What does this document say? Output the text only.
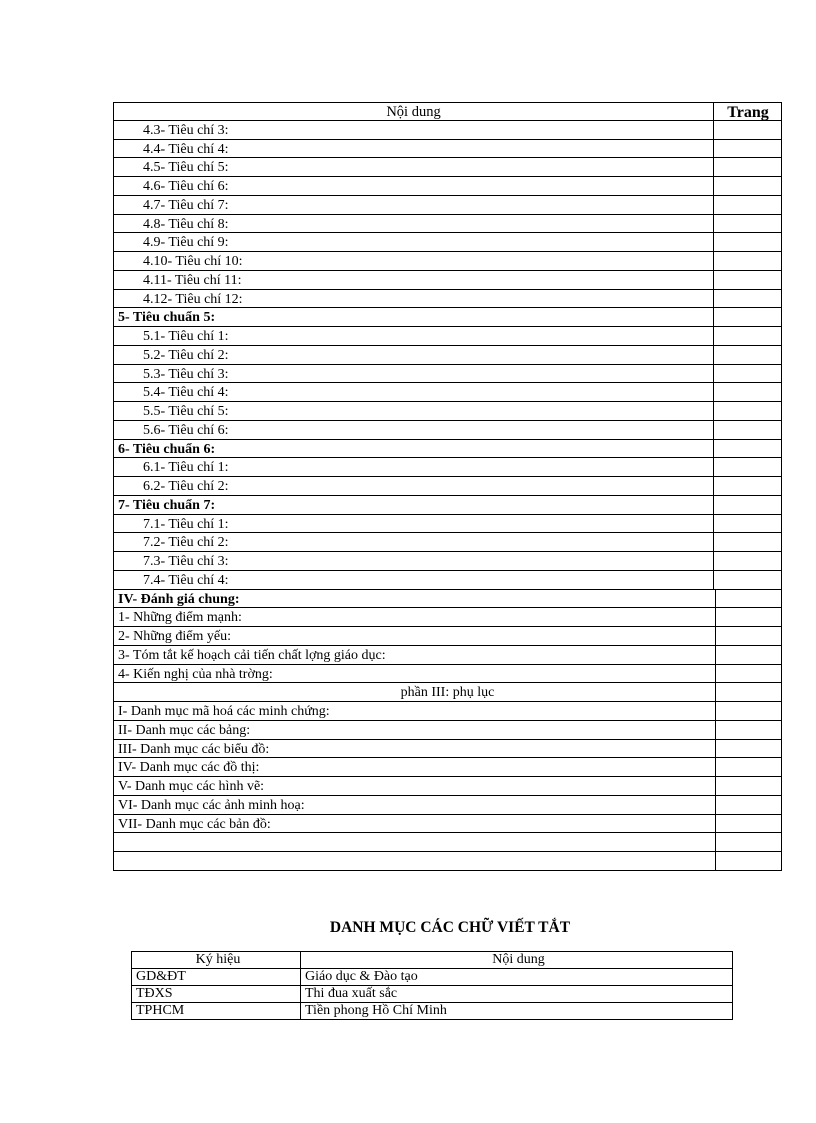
Nội dung	Trang
4.3- Tiêu chí 3:
4.4- Tiêu chí 4:
4.5- Tiêu chí 5:
4.6- Tiêu chí 6:
4.7- Tiêu chí 7:
4.8- Tiêu chí 8:
4.9- Tiêu chí 9:
4.10- Tiêu chí 10:
4.11- Tiêu chí 11:
4.12- Tiêu chí 12:
5- Tiêu chuẩn 5:
5.1- Tiêu chí 1:
5.2- Tiêu chí 2:
5.3- Tiêu chí 3:
5.4- Tiêu chí 4:
5.5- Tiêu chí 5:
5.6- Tiêu chí 6:
6- Tiêu chuẩn 6:
6.1- Tiêu chí 1:
6.2- Tiêu chí 2:
7- Tiêu chuẩn 7:
7.1- Tiêu chí 1:
7.2- Tiêu chí 2:
7.3- Tiêu chí 3:
7.4- Tiêu chí 4:
IV- Đánh giá chung:
1- Những điểm mạnh:
2- Những điểm yếu:
3- Tóm tắt kế hoạch cải tiến chất lợng giáo dục:
4- Kiến nghị của nhà trờng:
phần III: phụ lục
I- Danh mục mã hoá các minh chứng:
II- Danh mục các bảng:
III- Danh mục các biểu đồ:
IV- Danh mục các đồ thị:
V- Danh mục các hình vẽ:
VI- Danh mục các ảnh minh hoạ:
VII- Danh mục các bản đồ:
DANH MỤC CÁC CHỮ VIẾT TẮT
Ký hiệu	Nội dung
GD&ĐT	Giáo dục & Đào tạo
TĐXS	Thi đua xuất sắc
TPHCM	Tiền phong Hồ Chí Minh
